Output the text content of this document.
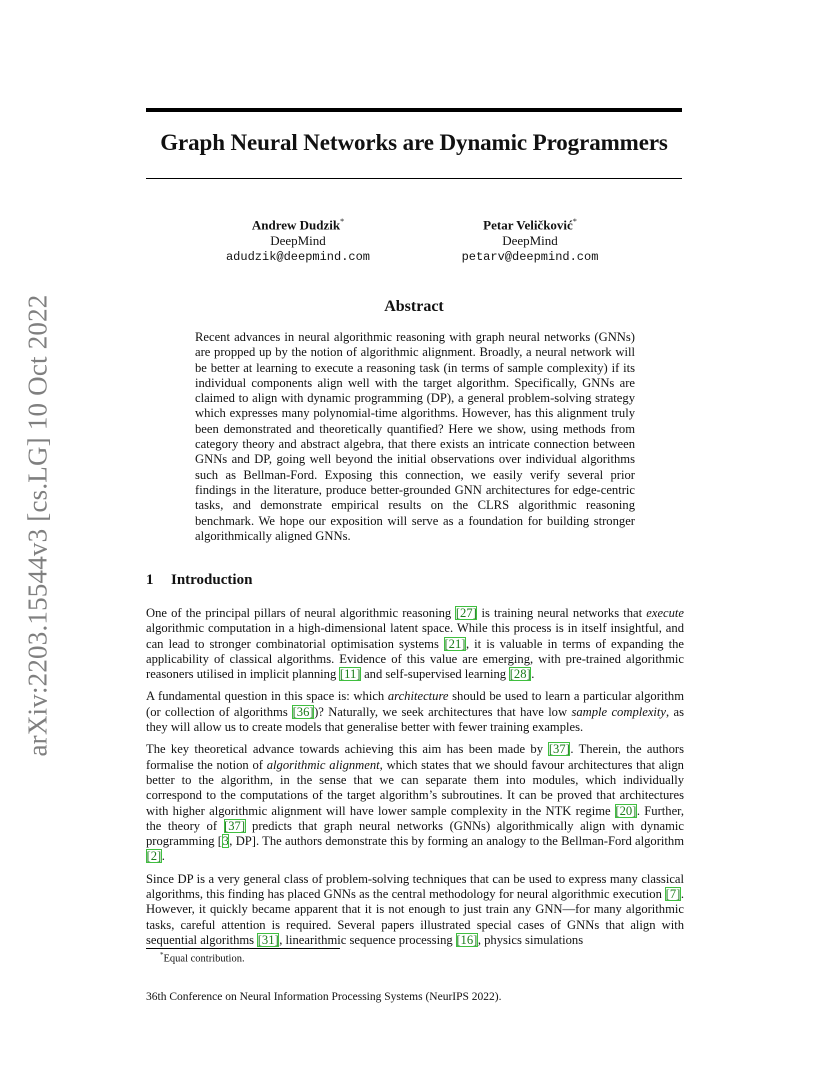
arXiv:2203.15544v3 [cs.LG] 10 Oct 2022
Graph Neural Networks are Dynamic Programmers
Andrew Dudzik*
DeepMind
adudzik@deepmind.com
Petar Veličković*
DeepMind
petarv@deepmind.com
Abstract
Recent advances in neural algorithmic reasoning with graph neural networks (GNNs) are propped up by the notion of algorithmic alignment. Broadly, a neural network will be better at learning to execute a reasoning task (in terms of sample complexity) if its individual components align well with the target algorithm. Specifically, GNNs are claimed to align with dynamic programming (DP), a general problem-solving strategy which expresses many polynomial-time algorithms. However, has this alignment truly been demonstrated and theoretically quantified? Here we show, using methods from category theory and abstract algebra, that there exists an intricate connection between GNNs and DP, going well beyond the initial observations over individual algorithms such as Bellman-Ford. Exposing this connection, we easily verify several prior findings in the literature, produce better-grounded GNN architectures for edge-centric tasks, and demonstrate empirical results on the CLRS algorithmic reasoning benchmark. We hope our exposition will serve as a foundation for building stronger algorithmically aligned GNNs.
1 Introduction

One of the principal pillars of neural algorithmic reasoning [27] is training neural networks that execute algorithmic computation in a high-dimensional latent space. While this process is in itself insightful, and can lead to stronger combinatorial optimisation systems [21], it is valuable in terms of expanding the applicability of classical algorithms. Evidence of this value are emerging, with pre-trained algorithmic reasoners utilised in implicit planning [11] and self-supervised learning [28].

A fundamental question in this space is: which architecture should be used to learn a particular algorithm (or collection of algorithms [36])? Naturally, we seek architectures that have low sample complexity, as they will allow us to create models that generalise better with fewer training examples.

The key theoretical advance towards achieving this aim has been made by [37]. Therein, the authors formalise the notion of algorithmic alignment, which states that we should favour architectures that align better to the algorithm, in the sense that we can separate them into modules, which individually correspond to the computations of the target algorithm’s subroutines. It can be proved that architectures with higher algorithmic alignment will have lower sample complexity in the NTK regime [20]. Further, the theory of [37] predicts that graph neural networks (GNNs) algorithmically align with dynamic programming [3, DP]. The authors demonstrate this by forming an analogy to the Bellman-Ford algorithm [2].

Since DP is a very general class of problem-solving techniques that can be used to express many classical algorithms, this finding has placed GNNs as the central methodology for neural algorithmic execution [7]. However, it quickly became apparent that it is not enough to just train any GNN—for many algorithmic tasks, careful attention is required. Several papers illustrated special cases of GNNs that align with sequential algorithms [31], linearithmic sequence processing [16], physics simulations

*Equal contribution.
36th Conference on Neural Information Processing Systems (NeurIPS 2022).
